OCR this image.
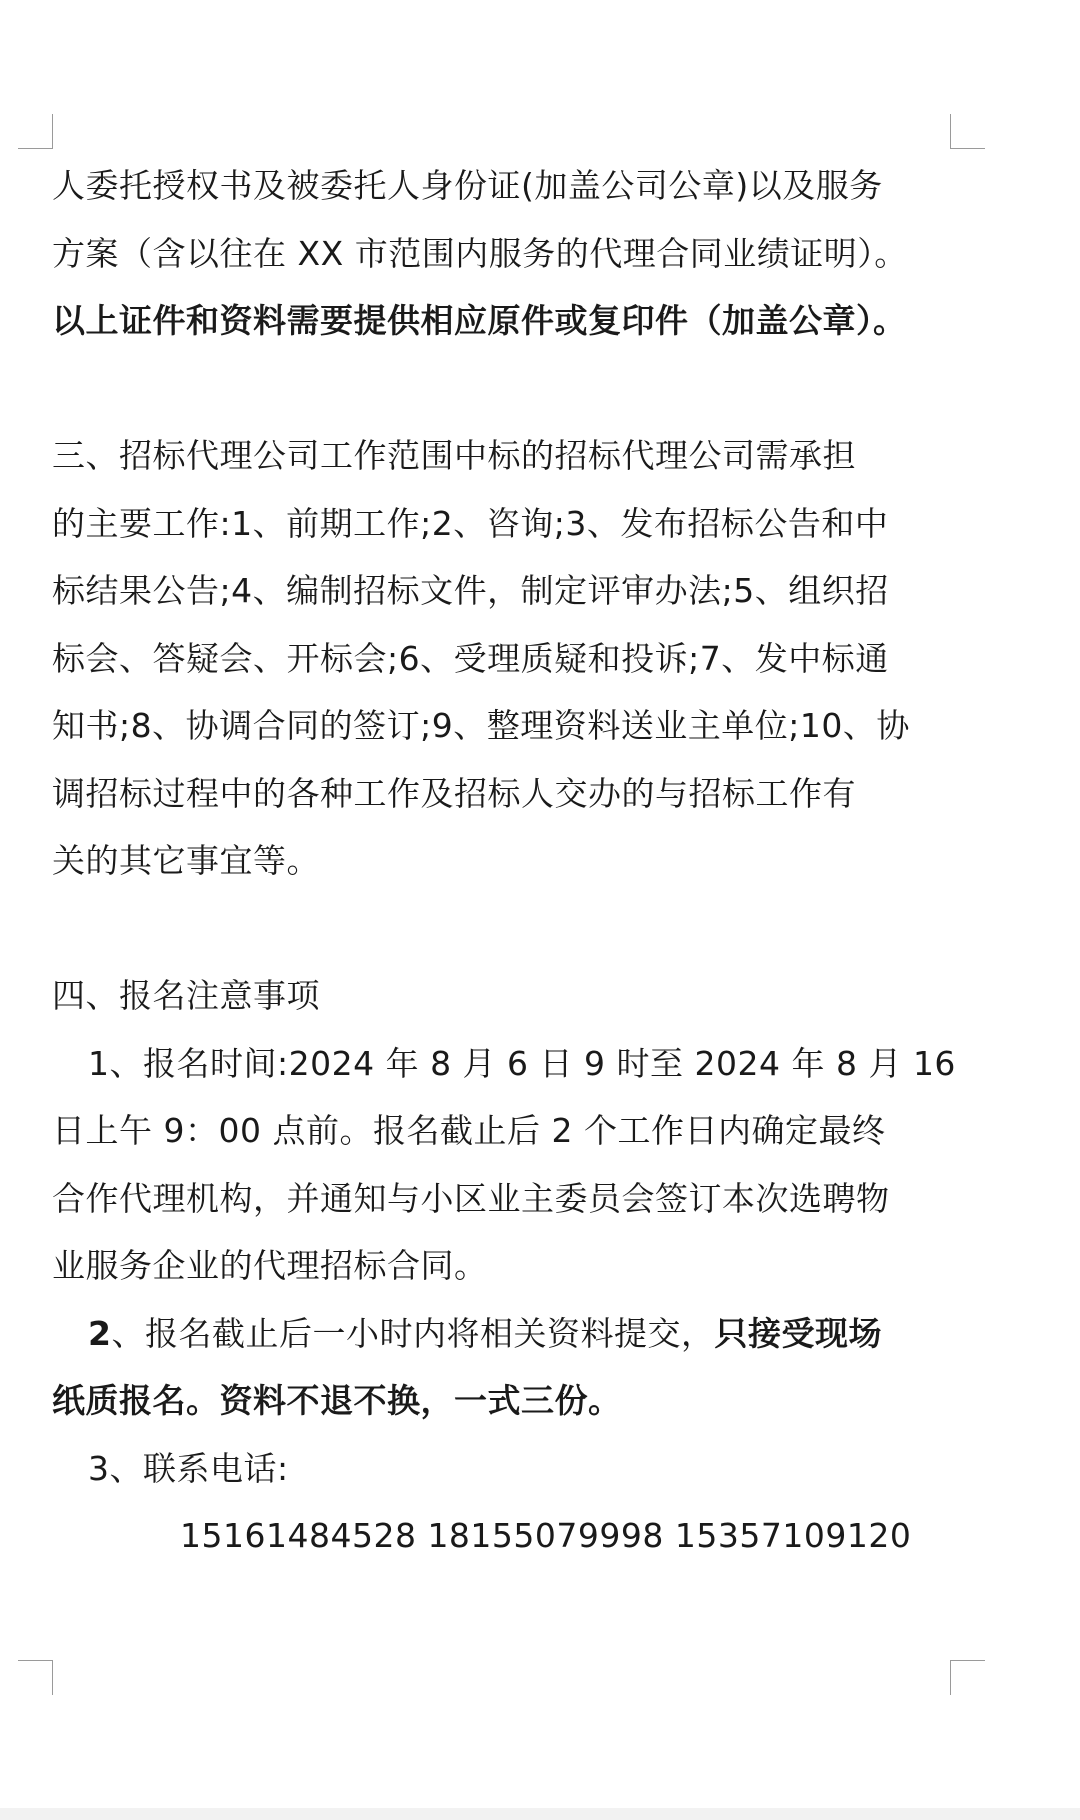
人委托授权书及被委托人身份证(加盖公司公章)以及服务

方案（含以往在 XX 市范围内服务的代理合同业绩证明）。

以上证件和资料需要提供相应原件或复印件（加盖公章）。

三、招标代理公司工作范围中标的招标代理公司需承担

的主要工作:1、前期工作;2、咨询;3、发布招标公告和中

标结果公告;4、编制招标文件，制定评审办法;5、组织招

标会、答疑会、开标会;6、受理质疑和投诉;7、发中标通

知书;8、协调合同的签订;9、整理资料送业主单位;10、协

调招标过程中的各种工作及招标人交办的与招标工作有

关的其它事宜等。

四、报名注意事项

1、报名时间:2024 年 8 月 6 日 9 时至 2024 年 8 月 16

日上午 9：00 点前。报名截止后 2 个工作日内确定最终

合作代理机构，并通知与小区业主委员会签订本次选聘物

业服务企业的代理招标合同。

2、报名截止后一小时内将相关资料提交，只接受现场

纸质报名。资料不退不换，一式三份。

3、联系电话:

15161484528 18155079998 15357109120
